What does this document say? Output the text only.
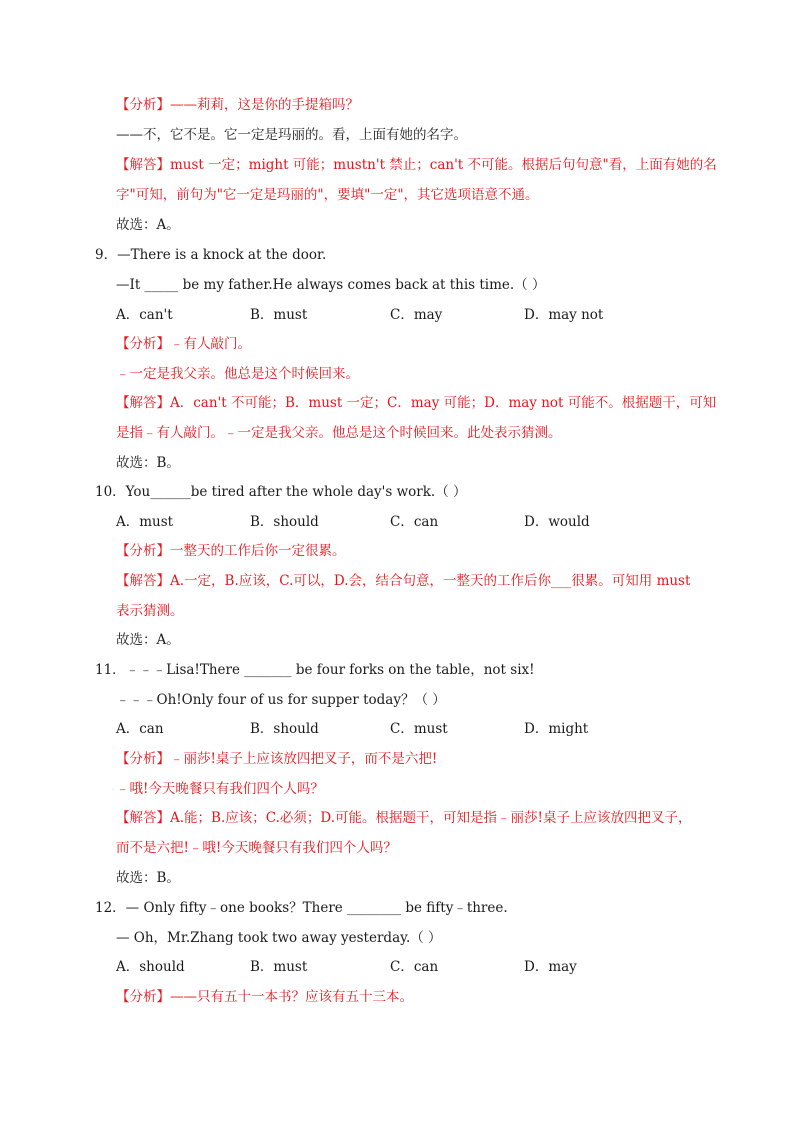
【分析】——莉莉，这是你的手提箱吗？
——不，它不是。它一定是玛丽的。看，上面有她的名字。
【解答】must 一定；might 可能；mustn't 禁止；can't 不可能。根据后句句意"看，上面有她的名
字"可知，前句为"它一定是玛丽的"，要填"一定"，其它选项语意不通。
故选：A。
9．—There is a knock at the door.
—It _____ be my father.He always comes back at this time.（ ）
A．can't	B．must	C．may	D．may not
【分析】﹣有人敲门。
﹣一定是我父亲。他总是这个时候回来。
【解答】A．can't 不可能；B．must 一定；C．may 可能；D．may not 可能不。根据题干，可知
是指﹣有人敲门。﹣一定是我父亲。他总是这个时候回来。此处表示猜测。
故选：B。
10．You______be tired after the whole day's work.（ ）
A．must	B．should	C．can	D．would
【分析】一整天的工作后你一定很累。
【解答】A.一定，B.应该，C.可以，D.会，结合句意，一整天的工作后你___很累。可知用 must
表示猜测。
故选：A。
11．﹣﹣﹣Lisa!There _______ be four forks on the table，not six!
﹣﹣﹣Oh!Only four of us for supper today？（ ）
A．can	B．should	C．must	D．might
【分析】﹣丽莎!桌子上应该放四把叉子，而不是六把!
﹣哦!今天晚餐只有我们四个人吗？
【解答】A.能；B.应该；C.必须；D.可能。根据题干，可知是指﹣丽莎!桌子上应该放四把叉子，
而不是六把!﹣哦!今天晚餐只有我们四个人吗？
故选：B。
12．— Only fifty﹣one books？There ________ be fifty﹣three.
— Oh，Mr.Zhang took two away yesterday.（ ）
A．should	B．must	C．can	D．may
【分析】——只有五十一本书？应该有五十三本。
